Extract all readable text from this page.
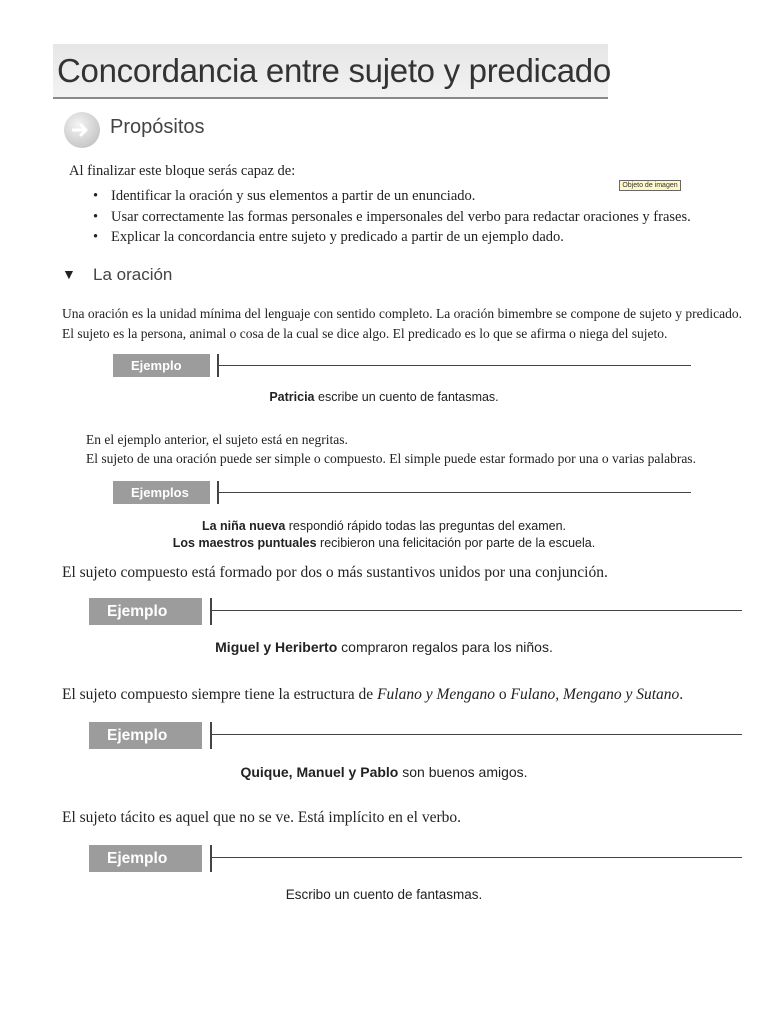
Concordancia entre sujeto y predicado
Propósitos
Al finalizar este bloque serás capaz de:
• Identificar la oración y sus elementos a partir de un enunciado.
• Usar correctamente las formas personales e impersonales del verbo para redactar oraciones y frases.
• Explicar la concordancia entre sujeto y predicado a partir de un ejemplo dado.
Objeto de imagen
▼ La oración
Una oración es la unidad mínima del lenguaje con sentido completo. La oración bimembre se compone de sujeto y predicado. El sujeto es la persona, animal o cosa de la cual se dice algo. El predicado es lo que se afirma o niega del sujeto.
Ejemplo
Patricia escribe un cuento de fantasmas.
En el ejemplo anterior, el sujeto está en negritas.
El sujeto de una oración puede ser simple o compuesto. El simple puede estar formado por una o varias palabras.
Ejemplos
La niña nueva respondió rápido todas las preguntas del examen.
Los maestros puntuales recibieron una felicitación por parte de la escuela.
El sujeto compuesto está formado por dos o más sustantivos unidos por una conjunción.
Ejemplo
Miguel y Heriberto compraron regalos para los niños.
El sujeto compuesto siempre tiene la estructura de Fulano y Mengano o Fulano, Mengano y Sutano.
Ejemplo
Quique, Manuel y Pablo son buenos amigos.
El sujeto tácito es aquel que no se ve. Está implícito en el verbo.
Ejemplo
Escribo un cuento de fantasmas.
